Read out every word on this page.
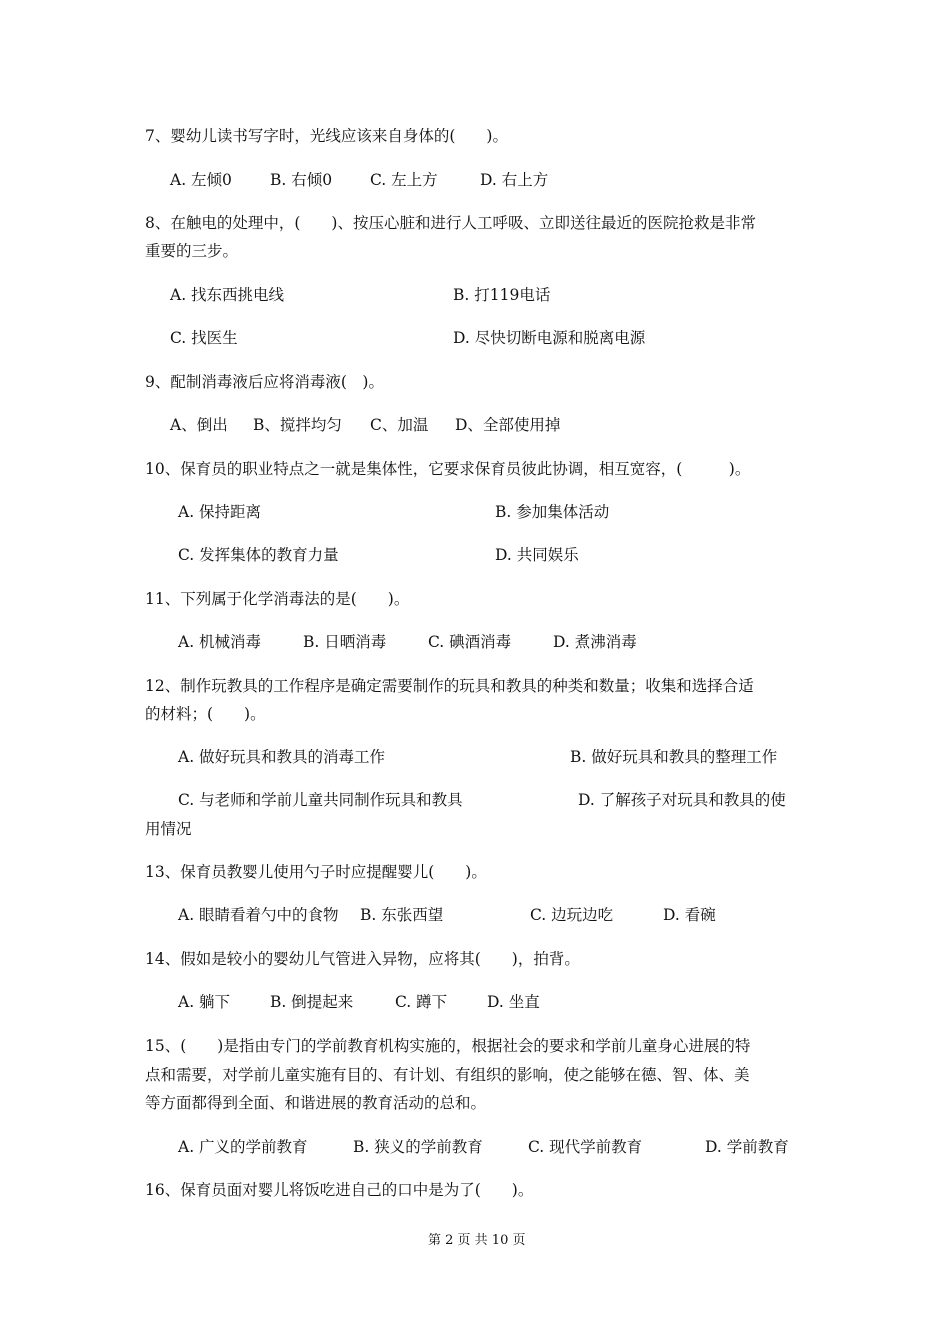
7、婴幼儿读书写字时，光线应该来自身体的(　　)。
A. 左倾0 B. 右倾0 C. 左上方	D. 右上方
8、在触电的处理中，(　　)、按压心脏和进行人工呼吸、立即送往最近的医院抢救是非常
重要的三步。
A. 找东西挑电线	B. 打119电话
C. 找医生	D. 尽快切断电源和脱离电源
9、配制消毒液后应将消毒液(　)。
A、倒出 B、搅拌均匀 C、加温 D、全部使用掉
10、保育员的职业特点之一就是集体性，它要求保育员彼此协调，相互宽容，(　　　)。
A. 保持距离	B. 参加集体活动
C. 发挥集体的教育力量	D. 共同娱乐
11、下列属于化学消毒法的是(　　)。
A. 机械消毒	B. 日晒消毒	C. 碘酒消毒	D. 煮沸消毒
12、制作玩教具的工作程序是确定需要制作的玩具和教具的种类和数量；收集和选择合适
的材料；(　　)。
A. 做好玩具和教具的消毒工作	B. 做好玩具和教具的整理工作
C. 与老师和学前儿童共同制作玩具和教具	D. 了解孩子对玩具和教具的使
用情况
13、保育员教婴儿使用勺子时应提醒婴儿(　　)。
A. 眼睛看着勺中的食物 B. 东张西望	C. 边玩边吃	D. 看碗
14、假如是较小的婴幼儿气管进入异物，应将其(　　)，拍背。
A. 躺下	B. 倒提起来	C. 蹲下	D. 坐直
15、(　　)是指由专门的学前教育机构实施的，根据社会的要求和学前儿童身心进展的特
点和需要，对学前儿童实施有目的、有计划、有组织的影响，使之能够在德、智、体、美
等方面都得到全面、和谐进展的教育活动的总和。
A. 广义的学前教育	B. 狭义的学前教育	C. 现代学前教育	D. 学前教育
16、保育员面对婴儿将饭吃进自己的口中是为了(　　)。
第 2 页 共 10 页
